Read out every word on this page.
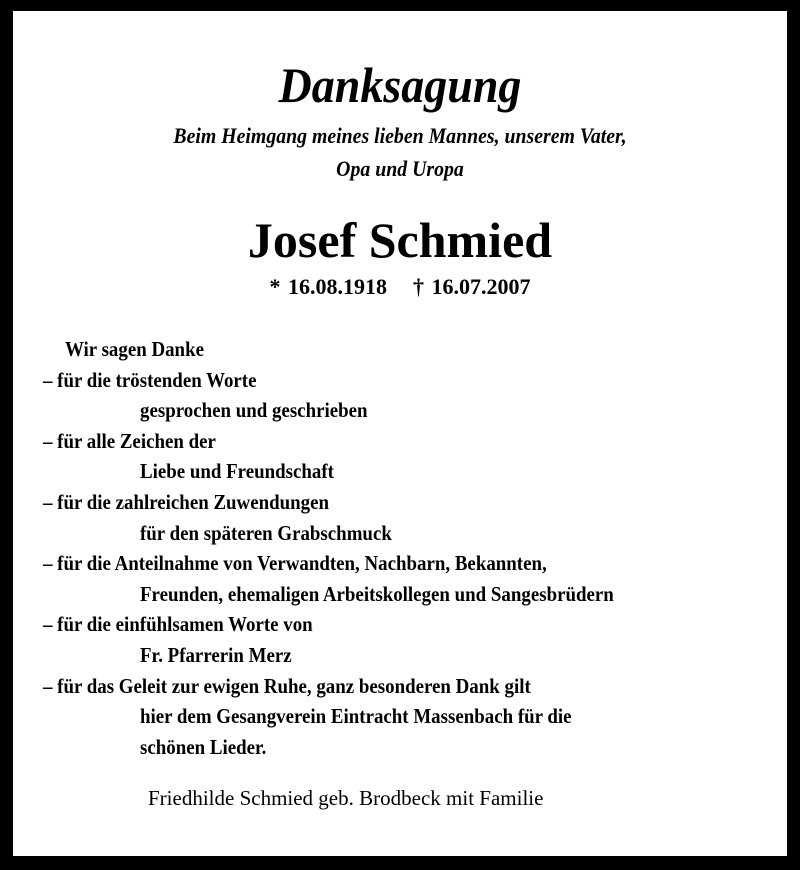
Danksagung
Beim Heimgang meines lieben Mannes, unserem Vater,
Opa und Uropa
Josef Schmied
* 16.08.1918 † 16.07.2007
Wir sagen Danke
– für die tröstenden Worte
gesprochen und geschrieben
– für alle Zeichen der
Liebe und Freundschaft
– für die zahlreichen Zuwendungen
für den späteren Grabschmuck
– für die Anteilnahme von Verwandten, Nachbarn, Bekannten,
Freunden, ehemaligen Arbeitskollegen und Sangesbrüdern
– für die einfühlsamen Worte von
Fr. Pfarrerin Merz
– für das Geleit zur ewigen Ruhe, ganz besonderen Dank gilt
hier dem Gesangverein Eintracht Massenbach für die
schönen Lieder.
Friedhilde Schmied geb. Brodbeck mit Familie
